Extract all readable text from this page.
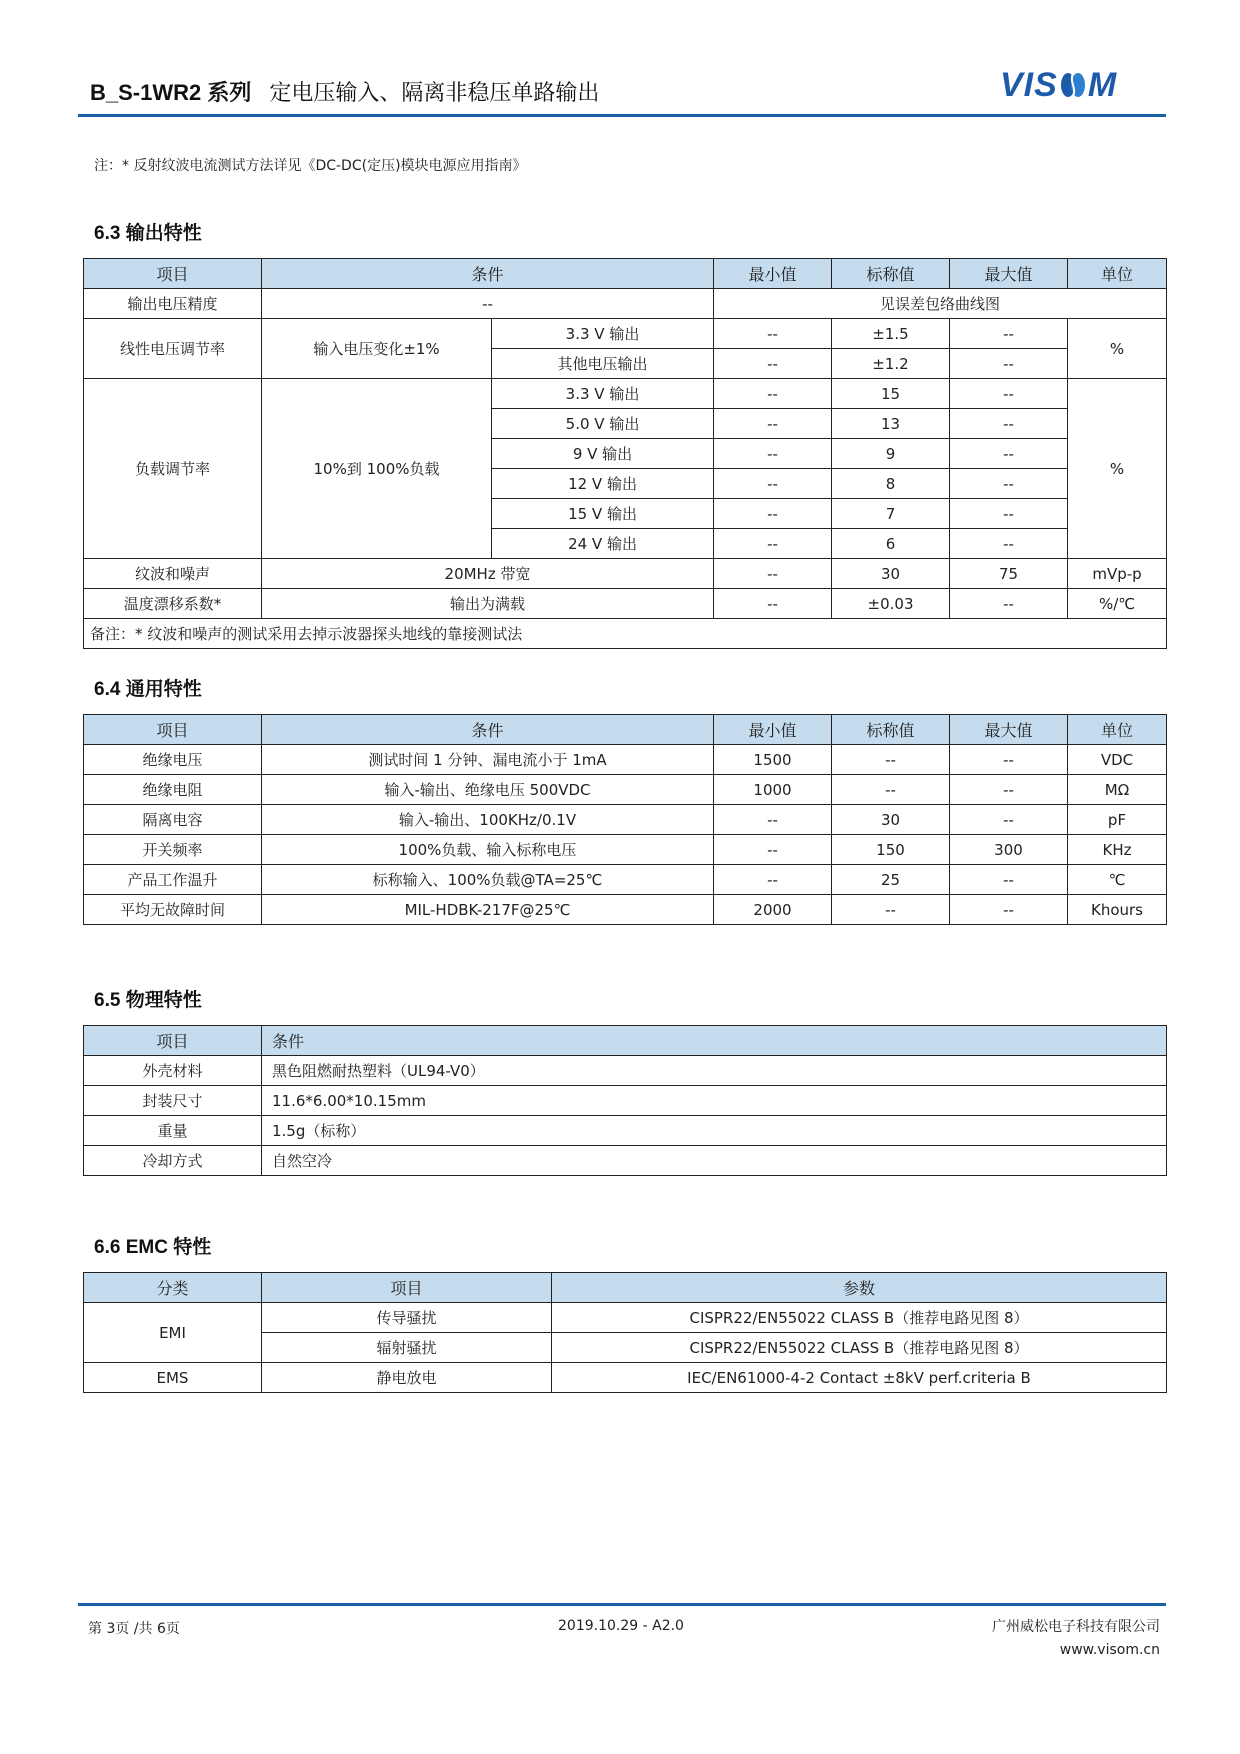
B_S-1WR2 系列 定电压输入、隔离非稳压单路输出	VIS M
注：* 反射纹波电流测试方法详见《DC-DC(定压)模块电源应用指南》
6.3 输出特性
项目	条件		最小值	标称值	最大值	单位
输出电压精度	--		见误差包络曲线图			
线性电压调节率	输入电压变化±1%	3.3 V 输出	--	±1.5	--	%
		其他电压输出	--	±1.2	--	
负载调节率	10%到 100%负载	3.3 V 输出	--	15	--	%
		5.0 V 输出	--	13	--	
		9 V 输出	--	9	--	
		12 V 输出	--	8	--	
		15 V 输出	--	7	--	
		24 V 输出	--	6	--	
纹波和噪声	20MHz 带宽		--	30	75	mVp-p
温度漂移系数*	输出为满载		--	±0.03	--	%/℃
备注：* 纹波和噪声的测试采用去掉示波器探头地线的靠接测试法						
6.4 通用特性
项目	条件	最小值	标称值	最大值	单位
绝缘电压	测试时间 1 分钟、漏电流小于 1mA	1500	--	--	VDC
绝缘电阻	输入-输出、绝缘电压 500VDC	1000	--	--	MΩ
隔离电容	输入-输出、100KHz/0.1V	--	30	--	pF
开关频率	100%负载、输入标称电压	--	150	300	KHz
产品工作温升	标称输入、100%负载@TA=25℃	--	25	--	℃
平均无故障时间	MIL-HDBK-217F@25℃	2000	--	--	Khours
6.5 物理特性
项目	条件
外壳材料	黑色阻燃耐热塑料（UL94-V0）
封装尺寸	11.6*6.00*10.15mm
重量	1.5g（标称）
冷却方式	自然空冷
6.6 EMC 特性
分类	项目	参数
EMI	传导骚扰	CISPR22/EN55022 CLASS B（推荐电路见图 8）
	辐射骚扰	CISPR22/EN55022 CLASS B（推荐电路见图 8）
EMS	静电放电	IEC/EN61000-4-2 Contact ±8kV perf.criteria B
第 3页 /共 6页	2019.10.29 - A2.0	广州威松电子科技有限公司
www.visom.cn
